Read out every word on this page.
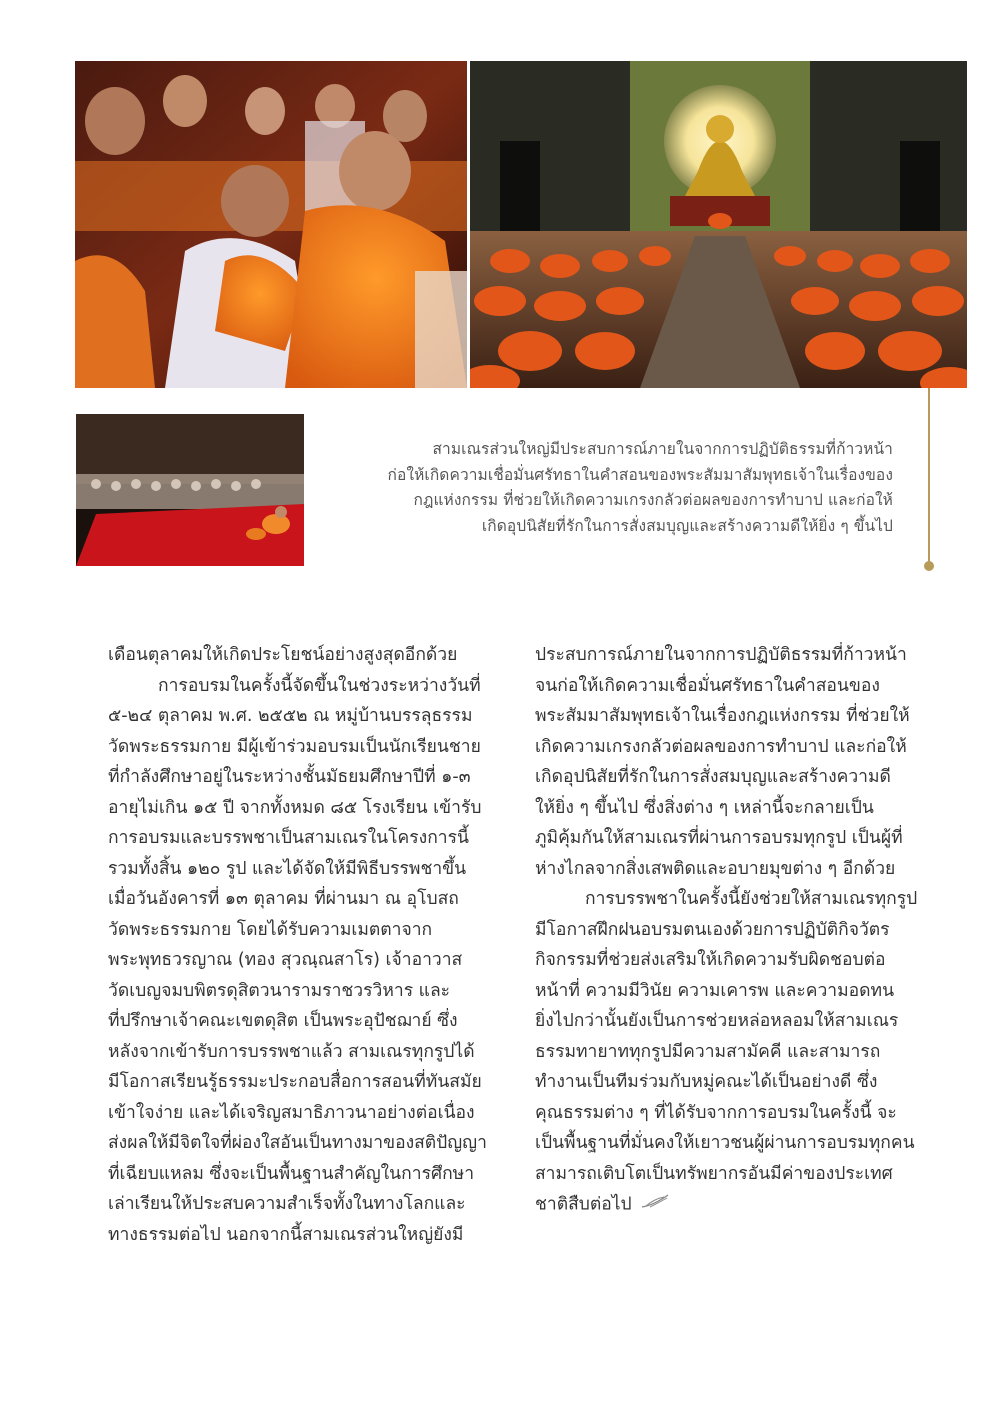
สามเณรส่วนใหญ่มีประสบการณ์ภายในจากการปฏิบัติธรรมที่ก้าวหน้า
ก่อให้เกิดความเชื่อมั่นศรัทธาในคำสอนของพระสัมมาสัมพุทธเจ้าในเรื่องของ
กฎแห่งกรรม ที่ช่วยให้เกิดความเกรงกลัวต่อผลของการทำบาป และก่อให้
เกิดอุปนิสัยที่รักในการสั่งสมบุญและสร้างความดีให้ยิ่ง ๆ ขึ้นไป
เดือนตุลาคมให้เกิดประโยชน์อย่างสูงสุดอีกด้วย
การอบรมในครั้งนี้จัดขึ้นในช่วงระหว่างวันที่
๕-๒๔ ตุลาคม พ.ศ. ๒๕๕๒ ณ หมู่บ้านบรรลุธรรม
วัดพระธรรมกาย มีผู้เข้าร่วมอบรมเป็นนักเรียนชาย
ที่กำลังศึกษาอยู่ในระหว่างชั้นมัธยมศึกษาปีที่ ๑-๓
อายุไม่เกิน ๑๕ ปี จากทั้งหมด ๘๕ โรงเรียน เข้ารับ
การอบรมและบรรพชาเป็นสามเณรในโครงการนี้
รวมทั้งสิ้น ๑๒๐ รูป และได้จัดให้มีพิธีบรรพชาขึ้น
เมื่อวันอังคารที่ ๑๓ ตุลาคม ที่ผ่านมา ณ อุโบสถ
วัดพระธรรมกาย โดยได้รับความเมตตาจาก
พระพุทธวรญาณ (ทอง สุวณฺณสาโร) เจ้าอาวาส
วัดเบญจมบพิตรดุสิตวนารามราชวรวิหาร และ
ที่ปรึกษาเจ้าคณะเขตดุสิต เป็นพระอุปัชฌาย์ ซึ่ง
หลังจากเข้ารับการบรรพชาแล้ว สามเณรทุกรูปได้
มีโอกาสเรียนรู้ธรรมะประกอบสื่อการสอนที่ทันสมัย
เข้าใจง่าย และได้เจริญสมาธิภาวนาอย่างต่อเนื่อง
ส่งผลให้มีจิตใจที่ผ่องใสอันเป็นทางมาของสติปัญญา
ที่เฉียบแหลม ซึ่งจะเป็นพื้นฐานสำคัญในการศึกษา
เล่าเรียนให้ประสบความสำเร็จทั้งในทางโลกและ
ทางธรรมต่อไป นอกจากนี้สามเณรส่วนใหญ่ยังมี
ประสบการณ์ภายในจากการปฏิบัติธรรมที่ก้าวหน้า
จนก่อให้เกิดความเชื่อมั่นศรัทธาในคำสอนของ
พระสัมมาสัมพุทธเจ้าในเรื่องกฎแห่งกรรม ที่ช่วยให้
เกิดความเกรงกลัวต่อผลของการทำบาป และก่อให้
เกิดอุปนิสัยที่รักในการสั่งสมบุญและสร้างความดี
ให้ยิ่ง ๆ ขึ้นไป ซึ่งสิ่งต่าง ๆ เหล่านี้จะกลายเป็น
ภูมิคุ้มกันให้สามเณรที่ผ่านการอบรมทุกรูป เป็นผู้ที่
ห่างไกลจากสิ่งเสพติดและอบายมุขต่าง ๆ อีกด้วย
การบรรพชาในครั้งนี้ยังช่วยให้สามเณรทุกรูป
มีโอกาสฝึกฝนอบรมตนเองด้วยการปฏิบัติกิจวัตร
กิจกรรมที่ช่วยส่งเสริมให้เกิดความรับผิดชอบต่อ
หน้าที่ ความมีวินัย ความเคารพ และความอดทน
ยิ่งไปกว่านั้นยังเป็นการช่วยหล่อหลอมให้สามเณร
ธรรมทายาททุกรูปมีความสามัคคี และสามารถ
ทำงานเป็นทีมร่วมกับหมู่คณะได้เป็นอย่างดี ซึ่ง
คุณธรรมต่าง ๆ ที่ได้รับจากการอบรมในครั้งนี้ จะ
เป็นพื้นฐานที่มั่นคงให้เยาวชนผู้ผ่านการอบรมทุกคน
สามารถเติบโตเป็นทรัพยากรอันมีค่าของประเทศ
ชาติสืบต่อไป
